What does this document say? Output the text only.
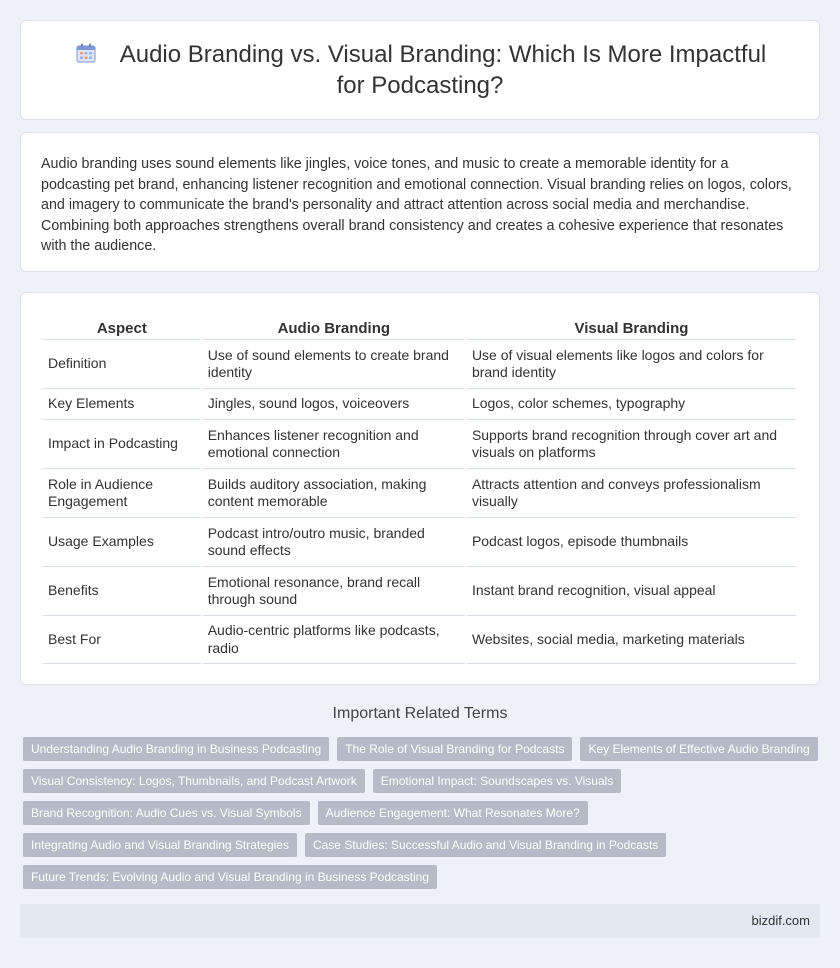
Audio Branding vs. Visual Branding: Which Is More Impactful for Podcasting?

Audio branding uses sound elements like jingles, voice tones, and music to create a memorable identity for a podcasting pet brand, enhancing listener recognition and emotional connection. Visual branding relies on logos, colors, and imagery to communicate the brand's personality and attract attention across social media and merchandise. Combining both approaches strengthens overall brand consistency and creates a cohesive experience that resonates with the audience.

Aspect	Audio Branding	Visual Branding
Definition	Use of sound elements to create brand identity	Use of visual elements like logos and colors for brand identity
Key Elements	Jingles, sound logos, voiceovers	Logos, color schemes, typography
Impact in Podcasting	Enhances listener recognition and emotional connection	Supports brand recognition through cover art and visuals on platforms
Role in Audience Engagement	Builds auditory association, making content memorable	Attracts attention and conveys professionalism visually
Usage Examples	Podcast intro/outro music, branded sound effects	Podcast logos, episode thumbnails
Benefits	Emotional resonance, brand recall through sound	Instant brand recognition, visual appeal
Best For	Audio-centric platforms like podcasts, radio	Websites, social media, marketing materials
Important Related Terms
Understanding Audio Branding in Business Podcasting	The Role of Visual Branding for Podcasts	Key Elements of Effective Audio Branding
Visual Consistency: Logos, Thumbnails, and Podcast Artwork	Emotional Impact: Soundscapes vs. Visuals
Brand Recognition: Audio Cues vs. Visual Symbols	Audience Engagement: What Resonates More?
Integrating Audio and Visual Branding Strategies	Case Studies: Successful Audio and Visual Branding in Podcasts
Future Trends: Evolving Audio and Visual Branding in Business Podcasting
bizdif.com
